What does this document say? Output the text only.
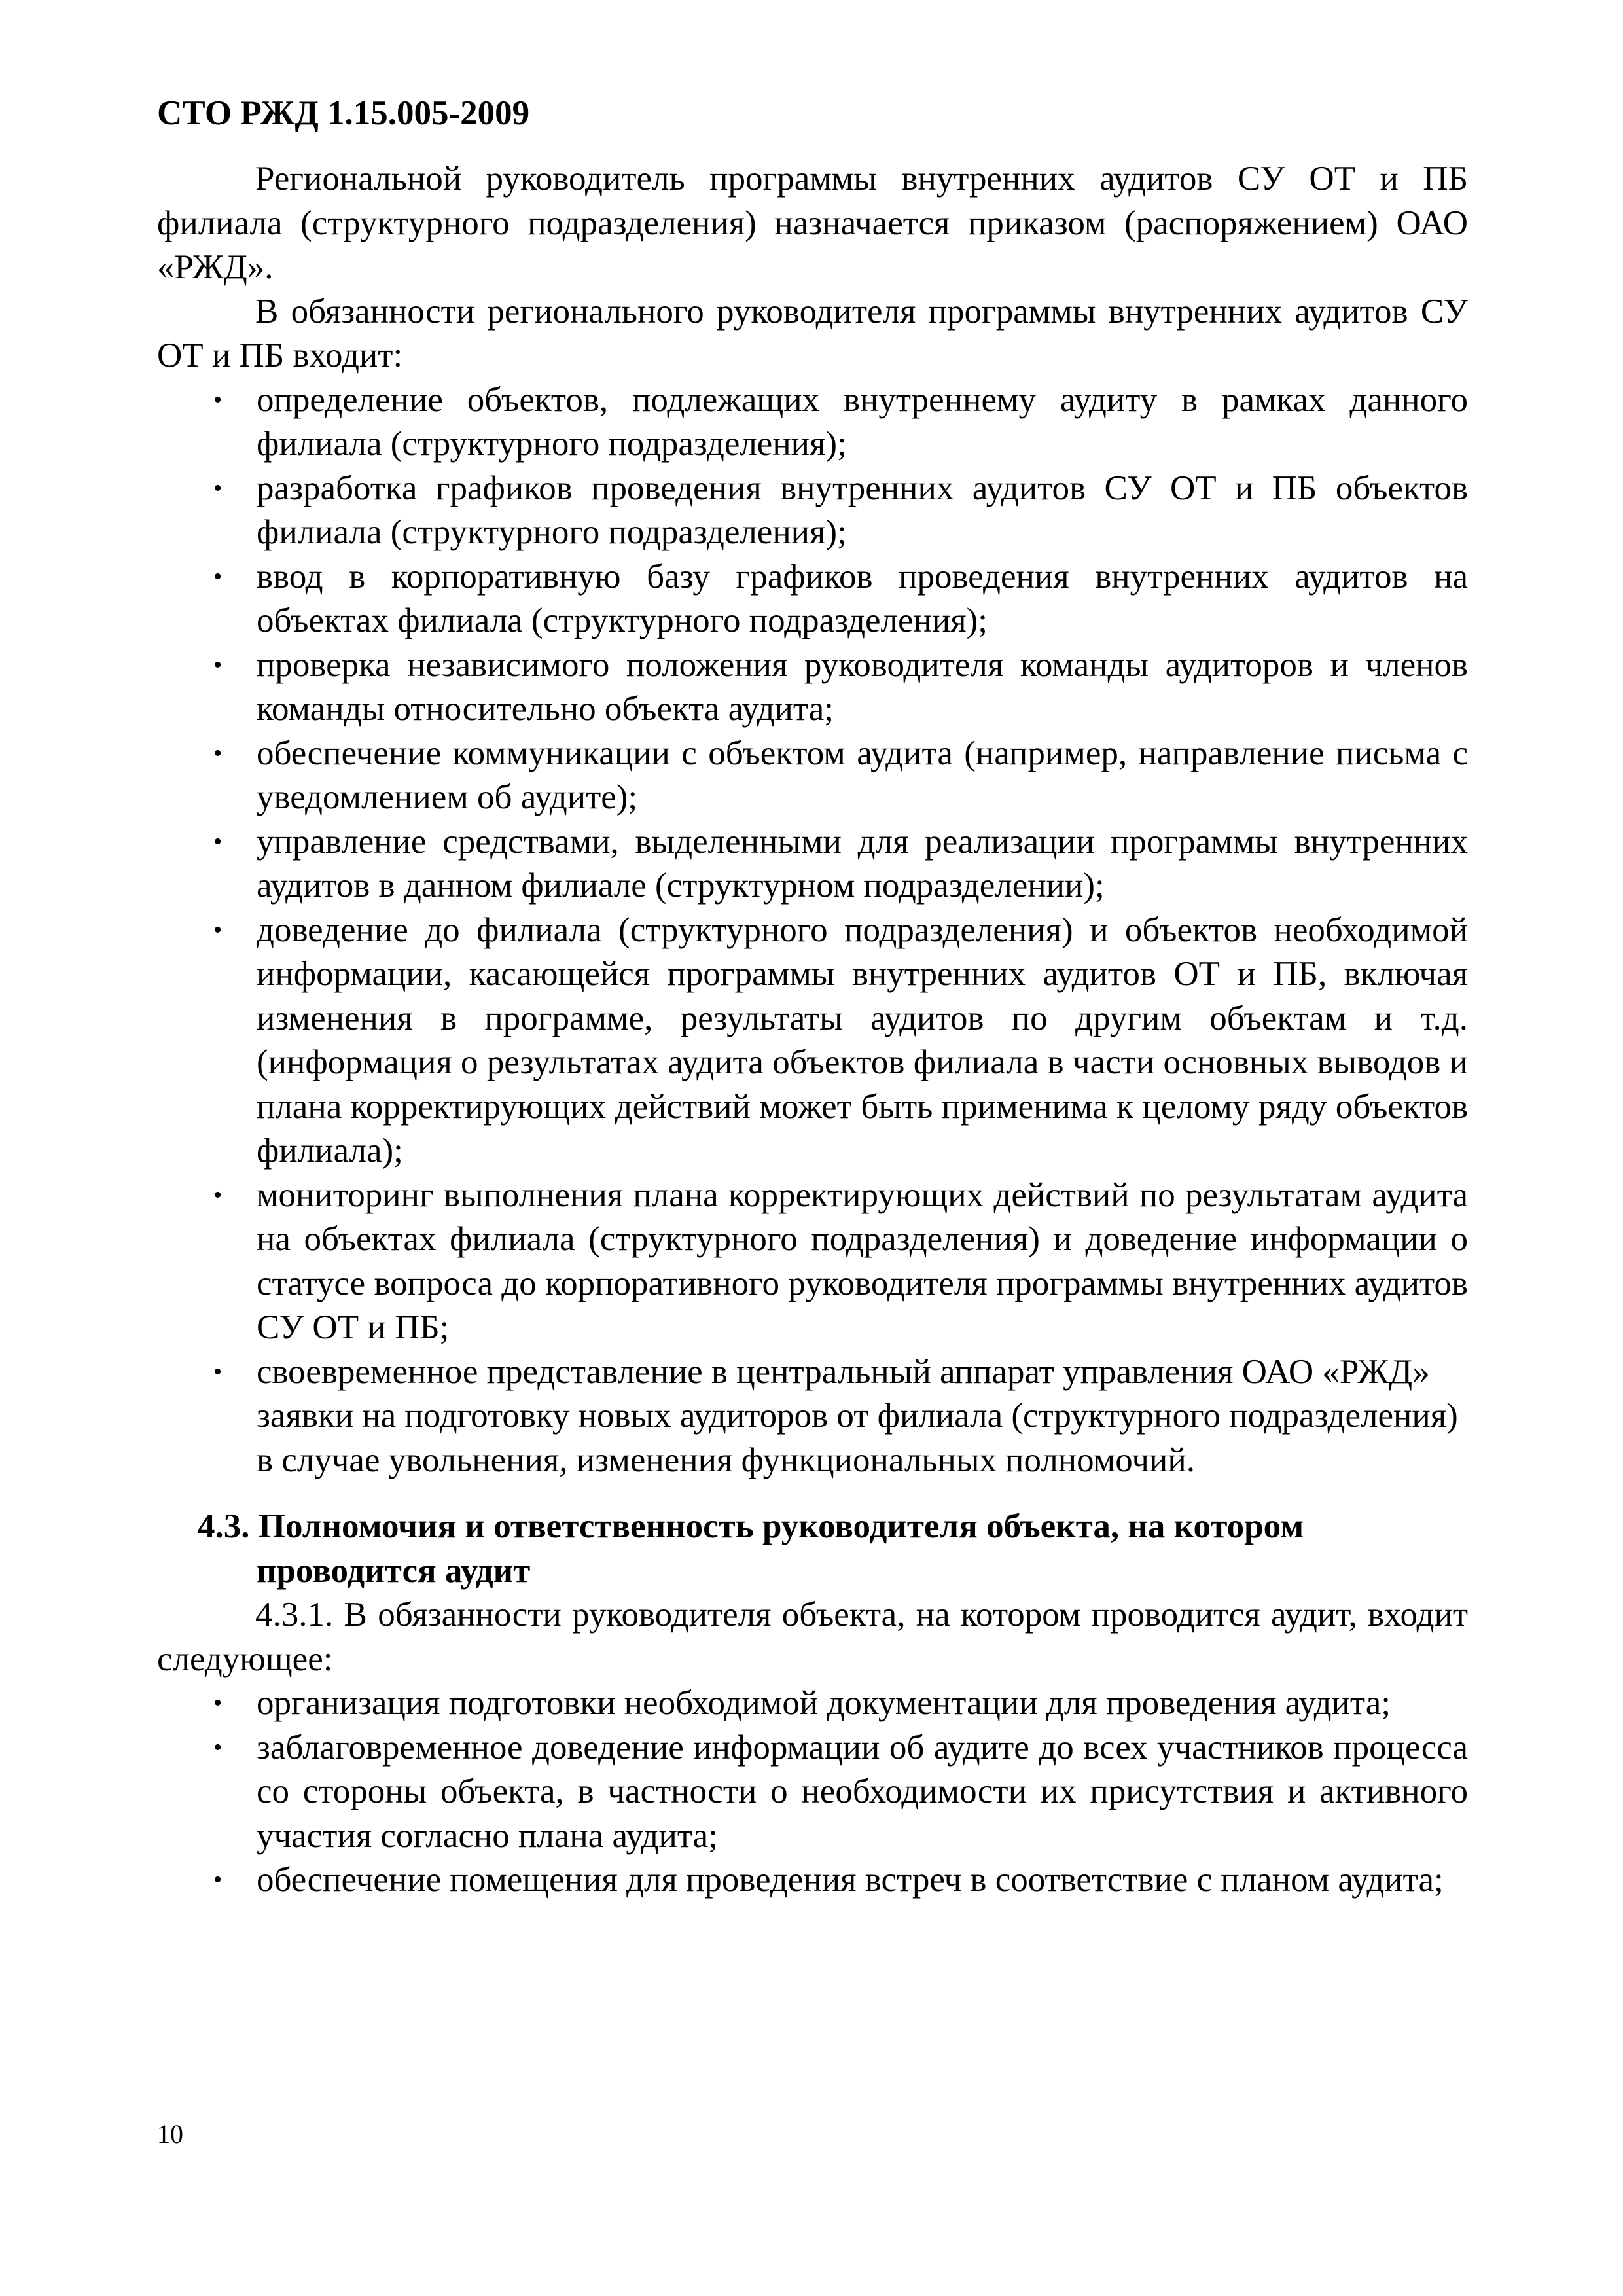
СТО РЖД 1.15.005-2009

Региональной руководитель программы внутренних аудитов СУ ОТ и ПБ филиала (структурного подразделения) назначается приказом (распоряжением) ОАО «РЖД».

В обязанности регионального руководителя программы внутренних аудитов СУ ОТ и ПБ входит:

• определение объектов, подлежащих внутреннему аудиту в рамках данного филиала (структурного подразделения);
• разработка графиков проведения внутренних аудитов СУ ОТ и ПБ объектов филиала (структурного подразделения);
• ввод в корпоративную базу графиков проведения внутренних аудитов на объектах филиала (структурного подразделения);
• проверка независимого положения руководителя команды аудиторов и членов команды относительно объекта аудита;
• обеспечение коммуникации с объектом аудита (например, направление письма с уведомлением об аудите);
• управление средствами, выделенными для реализации программы внутренних аудитов в данном филиале (структурном подразделении);
• доведение до филиала (структурного подразделения) и объектов необходимой информации, касающейся программы внутренних аудитов ОТ и ПБ, включая изменения в программе, результаты аудитов по другим объектам и т.д. (информация о результатах аудита объектов филиала в части основных выводов и плана корректирующих действий может быть применима к целому ряду объектов филиала);
• мониторинг выполнения плана корректирующих действий по результатам аудита на объектах филиала (структурного подразделения) и доведение информации о статусе вопроса до корпоративного руководителя программы внутренних аудитов СУ ОТ и ПБ;
• своевременное представление в центральный аппарат управления ОАО «РЖД» заявки на подготовку новых аудиторов от филиала (структурного подразделения) в случае увольнения, изменения функциональных полномочий.

4.3. Полномочия и ответственность руководителя объекта, на котором проводится аудит

4.3.1. В обязанности руководителя объекта, на котором проводится аудит, входит следующее:

• организация подготовки необходимой документации для проведения аудита;
• заблаговременное доведение информации об аудите до всех участников процесса со стороны объекта, в частности о необходимости их присутствия и активного участия согласно плана аудита;
• обеспечение помещения для проведения встреч в соответствие с планом аудита;
10
